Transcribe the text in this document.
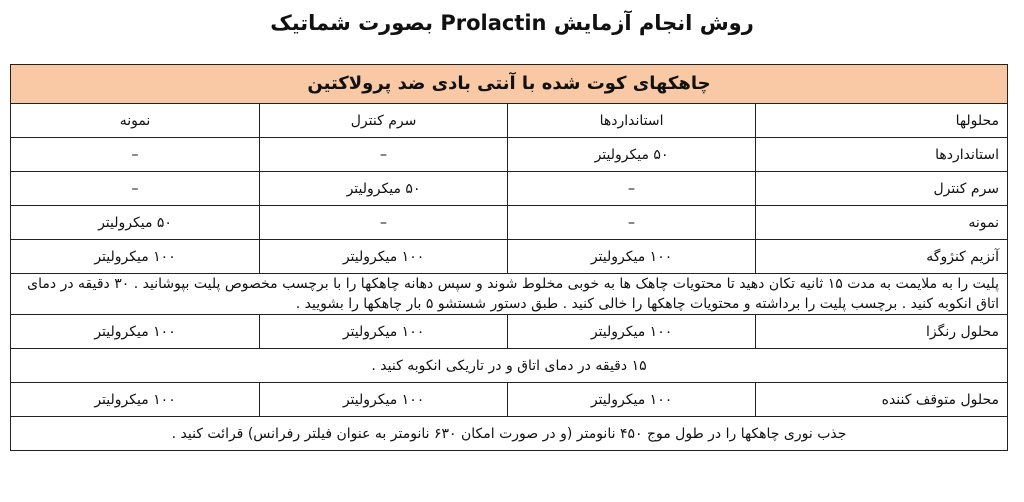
روش انجام آزمایش Prolactin بصورت شماتیک
چاهکهای کوت شده با آنتی بادی ضد پرولاکتین			
محلولها	استانداردها	سرم کنترل	نمونه
استانداردها	۵۰ میکرولیتر	–	–
سرم کنترل	–	۵۰ میکرولیتر	–
نمونه	–	–	۵۰ میکرولیتر
آنزیم کنژوگه	۱۰۰ میکرولیتر	۱۰۰ میکرولیتر	۱۰۰ میکرولیتر
پلیت را به ملایمت به مدت ۱۵ ثانیه تکان دهید تا محتویات چاهک ها به خوبی مخلوط شوند و سپس دهانه چاهکها را با برچسب مخصوص پلیت بپوشانید . ۳۰ دقیقه در دمای اتاق انکوبه کنید . برچسب پلیت را برداشته و محتویات چاهکها را خالی کنید . طبق دستور شستشو ۵ بار چاهکها را بشویید .			
محلول رنگزا	۱۰۰ میکرولیتر	۱۰۰ میکرولیتر	۱۰۰ میکرولیتر
۱۵ دقیقه در دمای اتاق و در تاریکی انکوبه کنید .			
محلول متوقف کننده	۱۰۰ میکرولیتر	۱۰۰ میکرولیتر	۱۰۰ میکرولیتر
جذب نوری چاهکها را در طول موج ۴۵۰ نانومتر (و در صورت امکان ۶۳۰ نانومتر به عنوان فیلتر رفرانس) قرائت کنید .			
